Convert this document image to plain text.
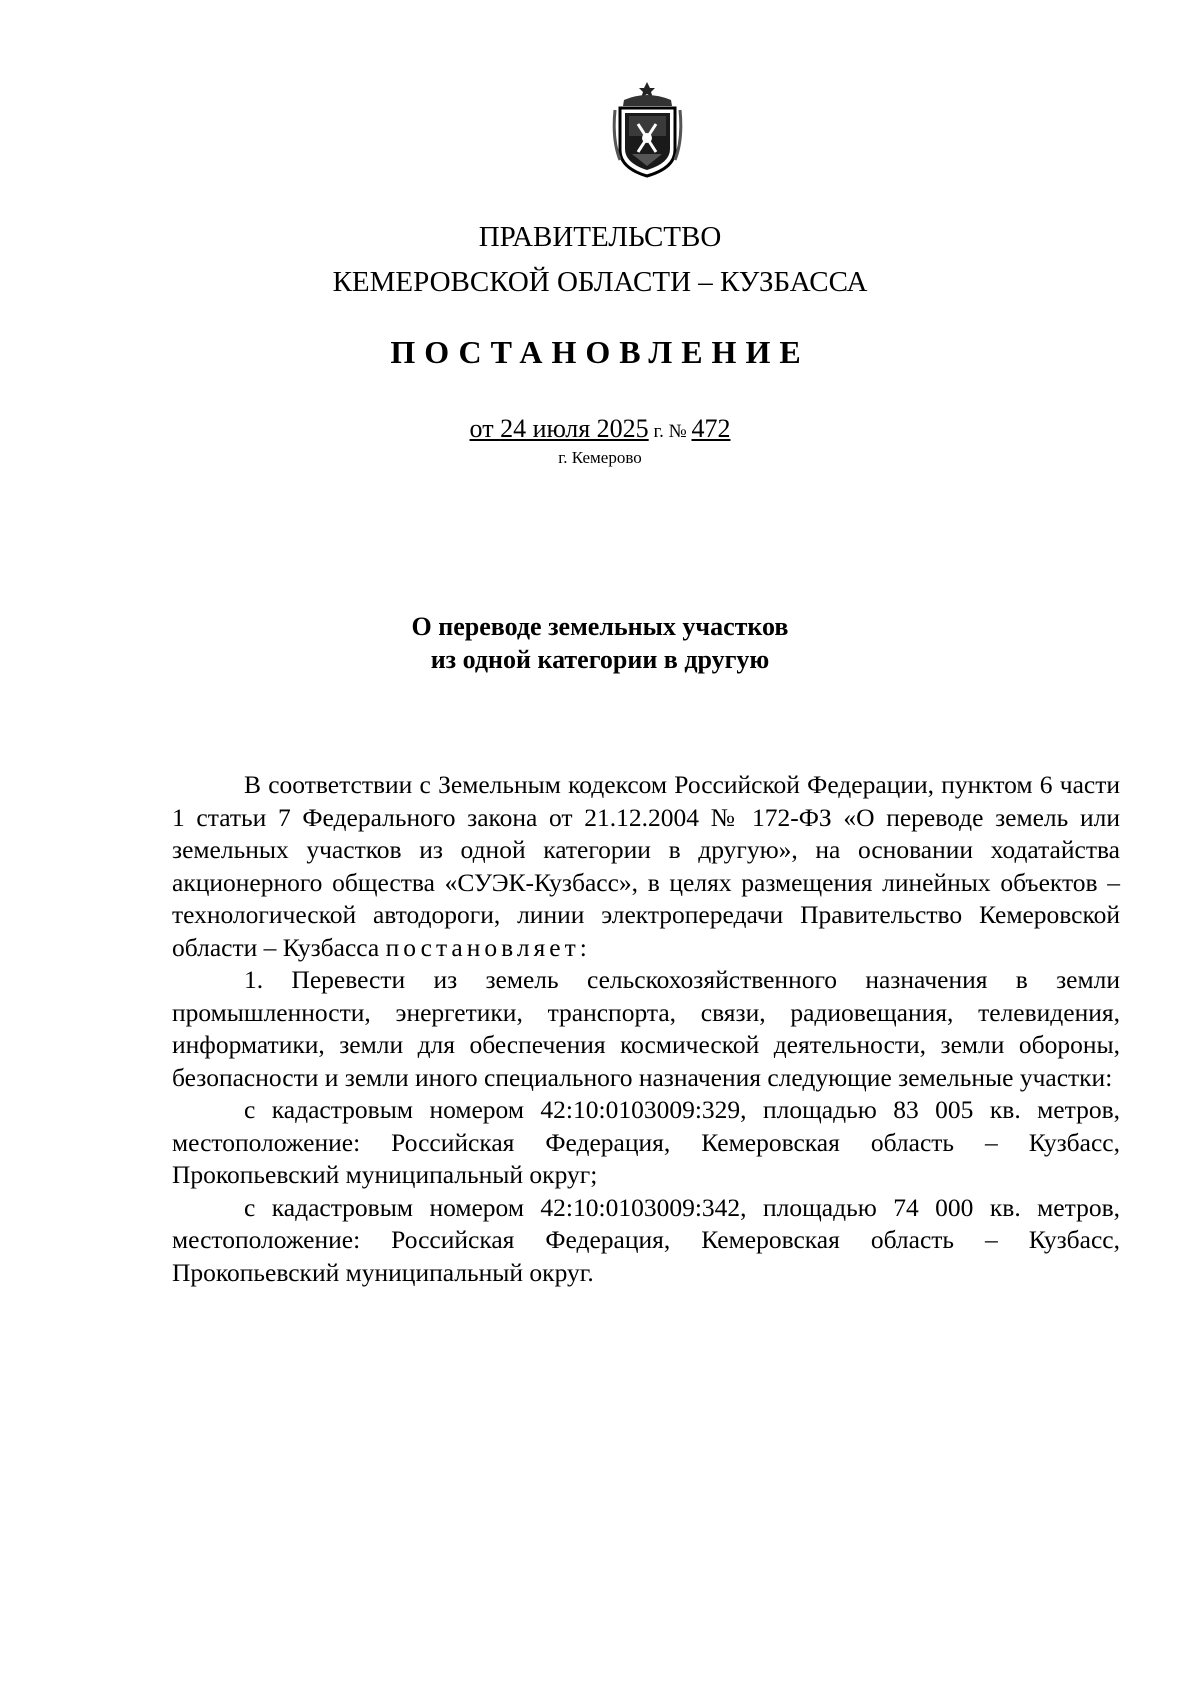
ПРАВИТЕЛЬСТВО
КЕМЕРОВСКОЙ ОБЛАСТИ – КУЗБАССА
ПОСТАНОВЛЕНИЕ
от 24 июля 2025 г. № 472
г. Кемерово
О переводе земельных участков
из одной категории в другую

В соответствии с Земельным кодексом Российской Федерации, пунктом 6 части 1 статьи 7 Федерального закона от 21.12.2004 № 172-ФЗ «О переводе земель или земельных участков из одной категории в другую», на основании ходатайства акционерного общества «СУЭК-Кузбасс», в целях размещения линейных объектов – технологической автодороги, линии электропередачи Правительство Кемеровской области – Кузбасса постановляет:

1. Перевести из земель сельскохозяйственного назначения в земли промышленности, энергетики, транспорта, связи, радиовещания, телевидения, информатики, земли для обеспечения космической деятельности, земли обороны, безопасности и земли иного специального назначения следующие земельные участки:

с кадастровым номером 42:10:0103009:329, площадью 83 005 кв. метров, местоположение: Российская Федерация, Кемеровская область – Кузбасс, Прокопьевский муниципальный округ;

с кадастровым номером 42:10:0103009:342, площадью 74 000 кв. метров, местоположение: Российская Федерация, Кемеровская область – Кузбасс, Прокопьевский муниципальный округ.
